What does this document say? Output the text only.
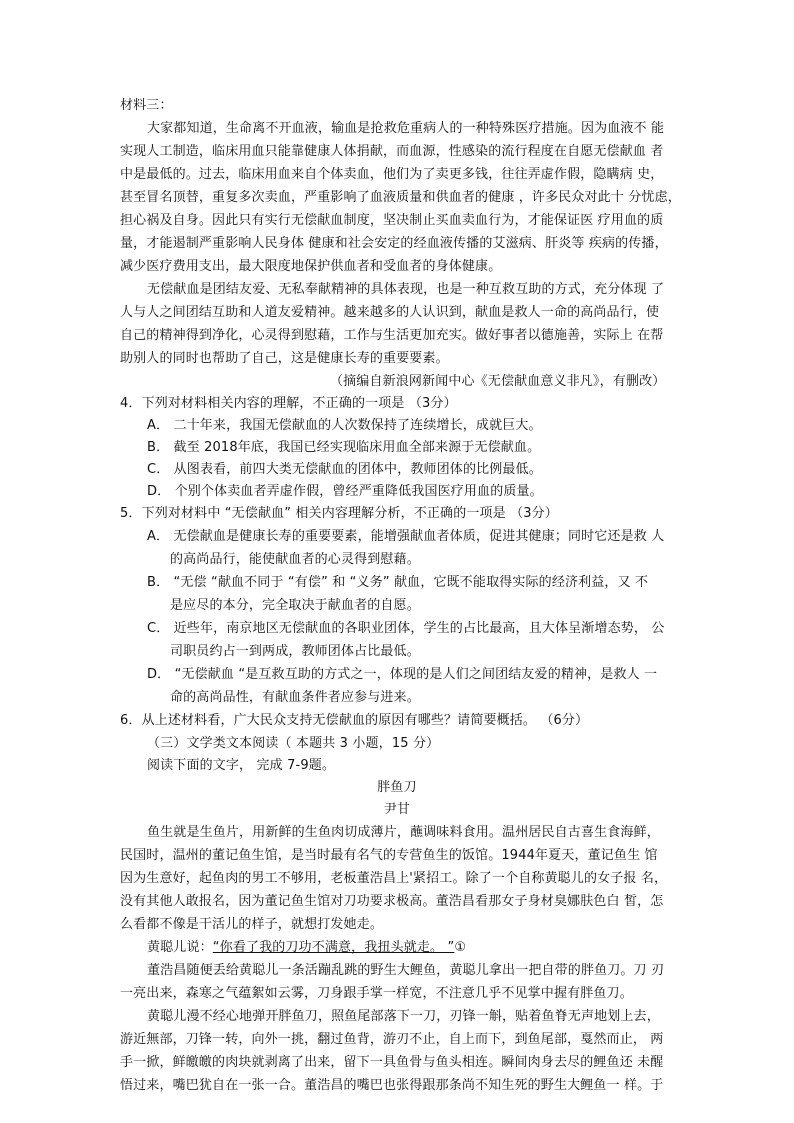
材料三：
大家都知道，生命离不开血液，输血是抢救危重病人的一种特殊医疗措施。因为血液不 能
实现人工制造，临床用血只能靠健康人体捐献，而血源，性感染的流行程度在自愿无偿献血 者
中是最低的。过去，临床用血来自个体卖血，他们为了卖更多钱，往往弄虚作假，隐瞒病 史，
甚至冒名顶替，重复多次卖血，严重影响了血液质量和供血者的健康 ，许多民众对此十 分忧虑，
担心祸及自身。因此只有实行无偿献血制度，坚决制止买血卖血行为，才能保证医 疗用血的质
量，才能遏制严重影响人民身体 健康和社会安定的经血液传播的艾滋病、肝炎等 疾病的传播，
减少医疗费用支出，最大限度地保护供血者和受血者的身体健康。
无偿献血是团结友爱、无私奉献精神的具体表现，也是一种互救互助的方式，充分体现 了
人与人之间团结互助和人道友爱精神。越来越多的人认识到，献血是救人一命的高尚品行，使
自己的精神得到净化，心灵得到慰藉，工作与生活更加充实。做好事者以德施善，实际上 在帮
助别人的同时也帮助了自己，这是健康长寿的重要要素。
（摘编自新浪网新闻中心《无偿献血意义非凡》，有删改）
4．下列对材料相关内容的理解，不正确的一项是 （3分）
A． 二十年来，我国无偿献血的人次数保持了连续增长，成就巨大。
B． 截至 2018年底，我国已经实现临床用血全部来源于无偿献血。
C． 从图表看，前四大类无偿献血的团体中，教师团体的比例最低。
D． 个别个体卖血者弄虚作假，曾经严重降低我国医疗用血的质量。
5．下列对材料中 “无偿献血” 相关内容理解分析，不正确的一项是 （3分）
A． 无偿献血是健康长寿的重要要素，能增强献血者体质，促进其健康；同时它还是救 人
的高尚品行，能使献血者的心灵得到慰藉。
B． “无偿 “献血不同于 “有偿” 和 “义务” 献血，它既不能取得实际的经济利益，又 不
是应尽的本分，完全取决于献血者的自愿。
C． 近些年，南京地区无偿献血的各职业团体，学生的占比最高，且大体呈渐增态势， 公
司职员约占一到两成，教师团体占比最低。
D． “无偿献血 “是互救互助的方式之一，体现的是人们之间团结友爱的精神，是救人 一
命的高尚品性，有献血条件者应参与进来。
6．从上述材料看，广大民众支持无偿献血的原因有哪些？请简要概括。 （6分）
（三）文学类文本阅读（ 本题共 3 小题，15 分）
阅读下面的文字， 完成 7-9题。
胖鱼刀
尹甘
鱼生就是生鱼片，用新鲜的生鱼肉切成薄片，蘸调味料食用。温州居民自古喜生食海鲜，
民国时，温州的董记鱼生馆，是当时最有名气的专营鱼生的饭馆。1944年夏天，董记鱼生 馆
因为生意好，起鱼肉的男工不够用，老板董浩昌上'紧招工。除了一个自称黄聪儿的女子报 名，
没有其他人敢报名，因为董记鱼生馆对刀功要求极高。董浩昌看那女子身材臭娜肤色白 皙，怎
么看都不像是干活儿的样子，就想打发她走。
黄聪儿说：“你看了我的刀功不满意，我扭头就走。 ”①
董浩昌随便丢给黄聪儿一条活蹦乱跳的野生大鲤鱼，黄聪儿拿出一把自带的胖鱼刀。刀 刃
一亮出来，森寒之气蕴絮如云雾，刀身跟手掌一样宽，不注意几乎不见掌中握有胖鱼刀。
黄聪儿漫不经心地弹开胖鱼刀，照鱼尾部落下一刀，刃锋一斛，贴着鱼脊无声地划上去，
游近無部，刀锋一转，向外一挑，翻过鱼背，游刃不止，自上而下，到鱼尾部，戛然而止， 两
手一掀，鲜皦皦的肉块就剥离了出来，留下一具鱼骨与鱼头相连。瞬间肉身去尽的鲤鱼还 未醒
悟过来，嘴巴犹自在一张一合。董浩昌的嘴巴也张得跟那条尚不知生死的野生大鲤鱼一 样。于
